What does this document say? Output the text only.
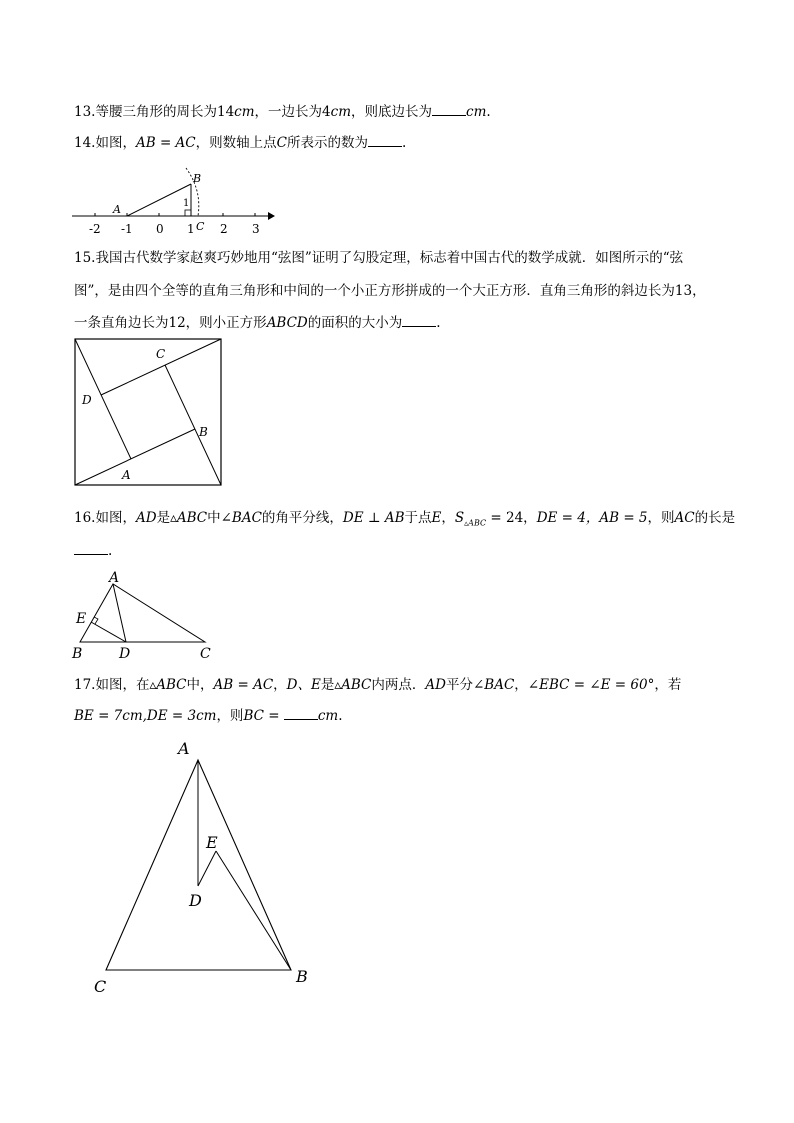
13.等腰三角形的周长为14cm，一边长为4cm，则底边长为	cm.
14.如图，AB = AC，则数轴上点C所表示的数为	.
-2 -1 0 1 2 3
A
B
C
1
15.我国古代数学家赵爽巧妙地用“弦图”证明了勾股定理，标志着中国古代的数学成就．如图所示的“弦
图”，是由四个全等的直角三角形和中间的一个小正方形拼成的一个大正方形．直角三角形的斜边长为13，
一条直角边长为12，则小正方形ABCD的面积的大小为	.
C
D
B
A
16.如图，AD是▵ABC中∠BAC的角平分线，DE ⊥ AB于点E，$S_{▵ABC} = 24$，DE = 4，AB = 5，则AC的长是
.
A
E
B	D	C
17.如图，在▵ABC中，AB = AC，D、E是▵ABC内两点．AD平分∠BAC，∠EBC = ∠E = 60°，若
BE = 7cm,DE = 3cm，则BC =	cm.
A
E
D
C
B
